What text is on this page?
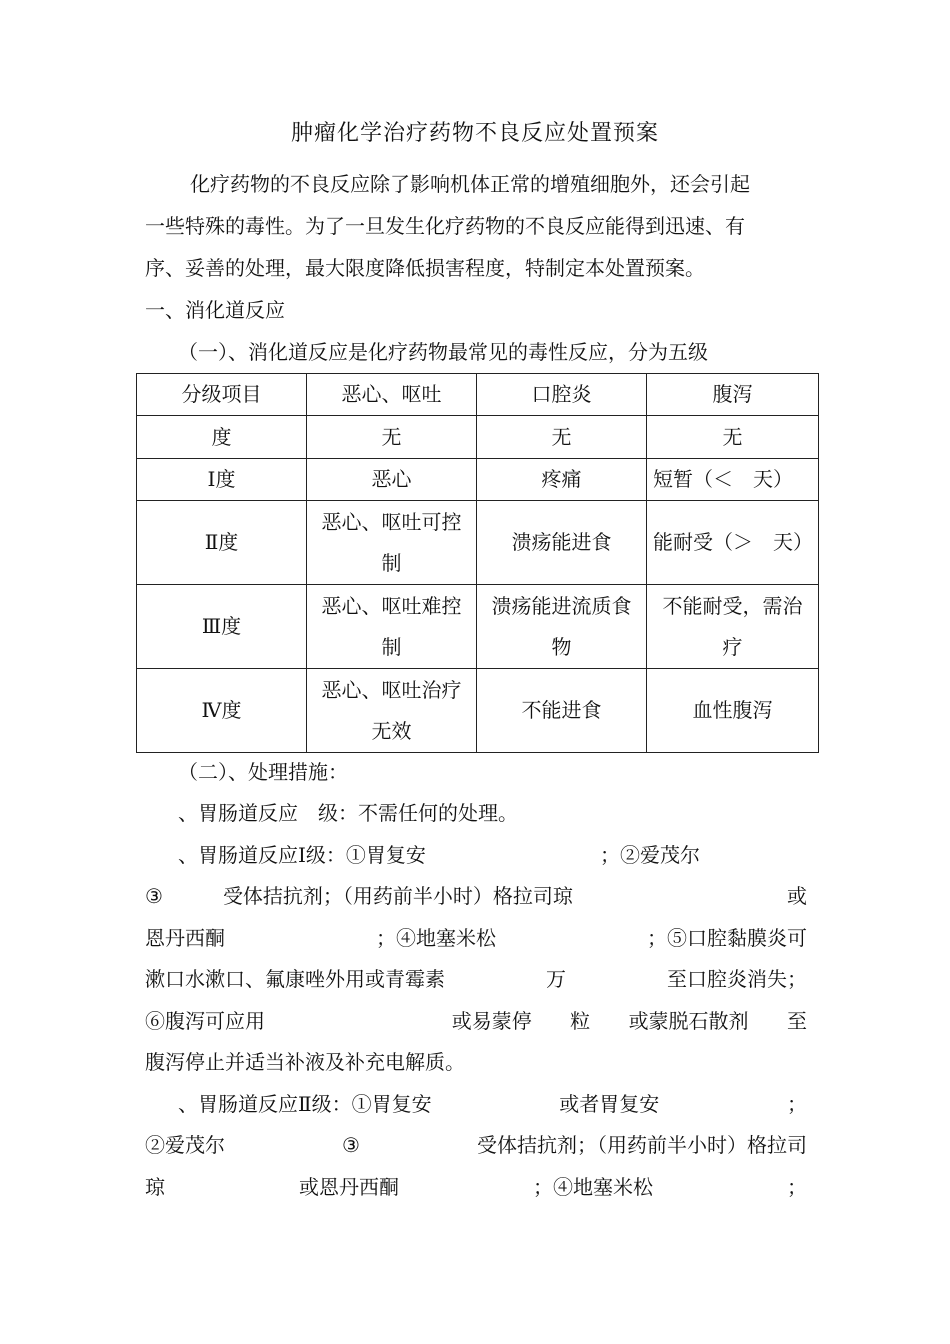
肿瘤化学治疗药物不良反应处置预案
化疗药物的不良反应除了影响机体正常的增殖细胞外，还会引起
一些特殊的毒性。为了一旦发生化疗药物的不良反应能得到迅速、有
序、妥善的处理，最大限度降低损害程度，特制定本处置预案。
一、消化道反应
（一）、消化道反应是化疗药物最常见的毒性反应，分为五级
分级项目	恶心、呕吐	口腔炎	腹泻
度	无	无	无
Ⅰ度	恶心	疼痛	短暂（＜　天）
Ⅱ度	恶心、呕吐可控制	溃疡能进食	能耐受（＞　天）
Ⅲ度	恶心、呕吐难控制	溃疡能进流质食物	不能耐受，需治疗
Ⅳ度	恶心、呕吐治疗无效	不能进食	血性腹泻
（二）、处理措施：
、胃肠道反应　级：不需任何的处理。
、胃肠道反应Ⅰ级：①胃复安	；②爱茂尔
③	受体拮抗剂；（用药前半小时）格拉司琼	或
恩丹西酮	；④地塞米松	；⑤口腔黏膜炎可
漱口水漱口、氟康唑外用或青霉素	万	至口腔炎消失；
⑥腹泻可应用	或易蒙停 粒 或蒙脱石散剂 至
腹泻停止并适当补液及补充电解质。
、胃肠道反应Ⅱ级：①胃复安	或者胃复安	；
②爱茂尔	③	受体拮抗剂；（用药前半小时）格拉司
琼	或恩丹西酮	；④地塞米松	；
